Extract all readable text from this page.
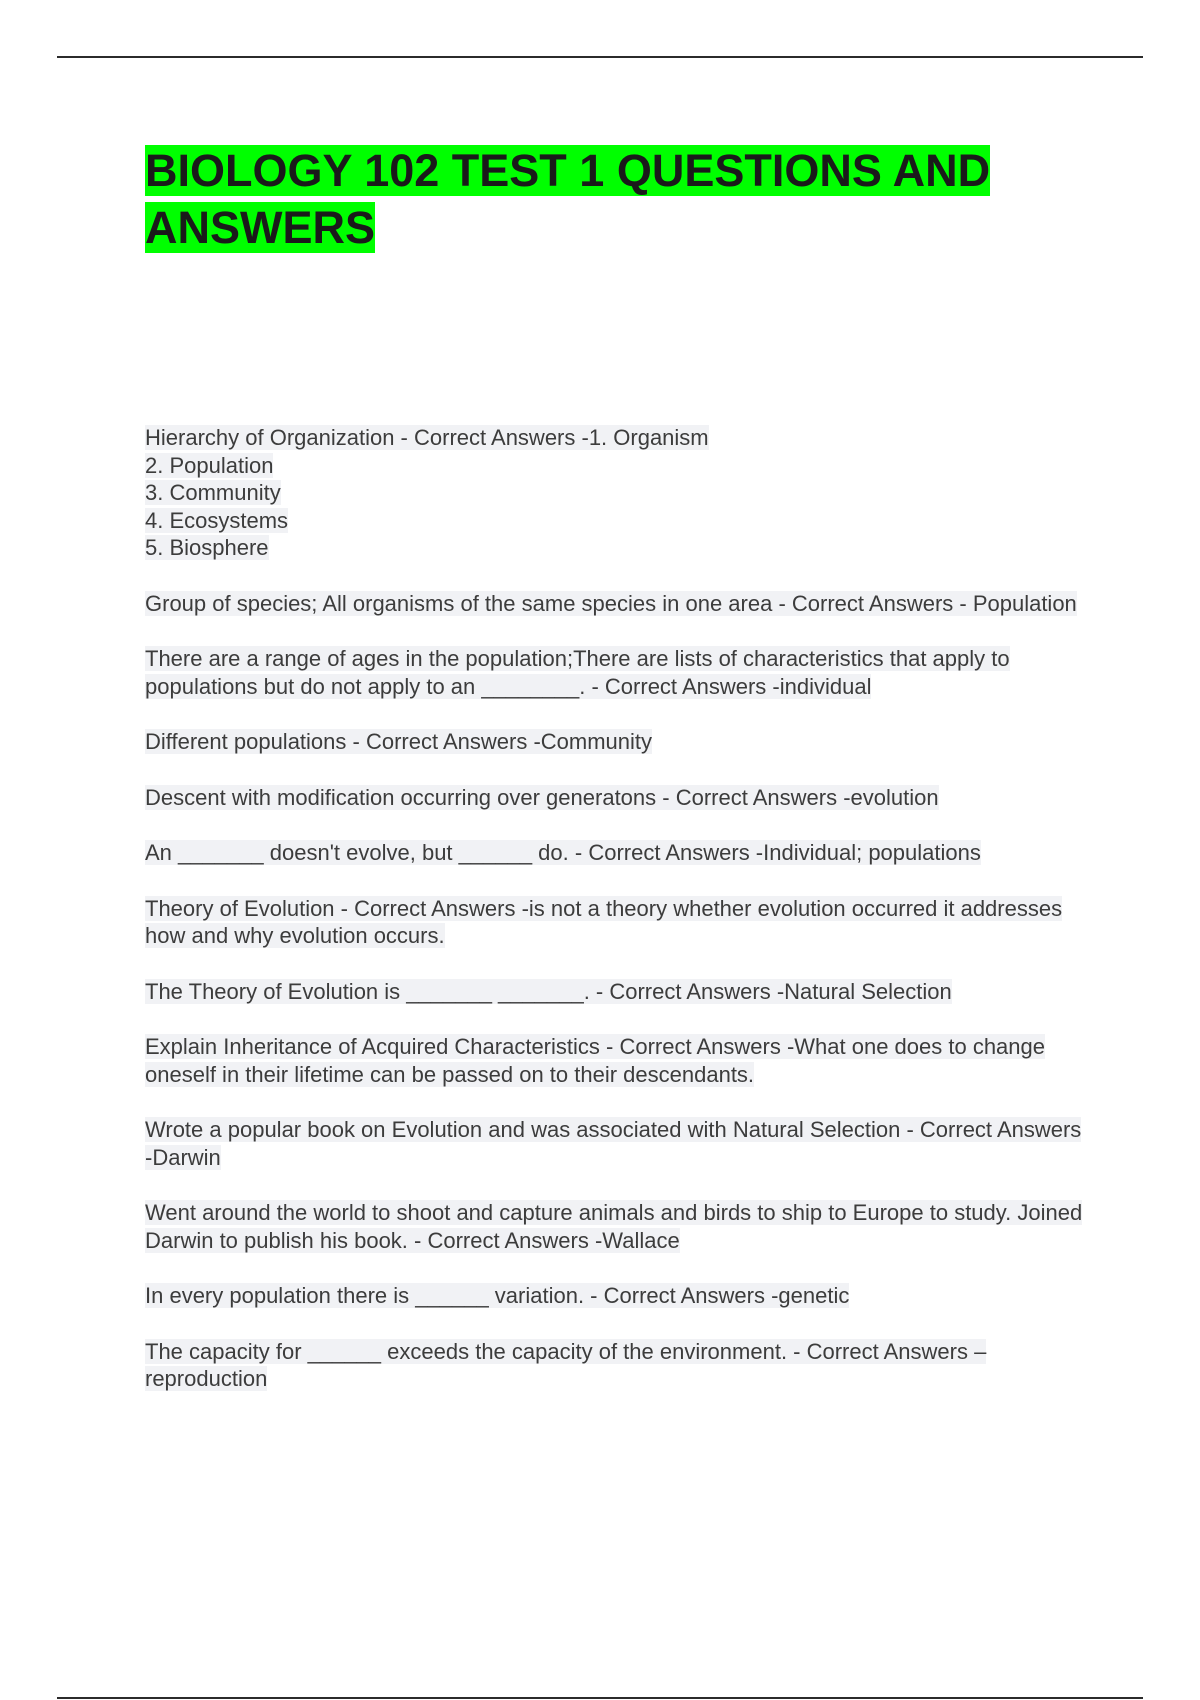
BIOLOGY 102 TEST 1 QUESTIONS AND ANSWERS
Hierarchy of Organization - Correct Answers -1. Organism
2. Population
3. Community
4. Ecosystems
5. Biosphere
Group of species; All organisms of the same species in one area - Correct Answers - Population
There are a range of ages in the population;There are lists of characteristics that apply to populations but do not apply to an ________. - Correct Answers -individual
Different populations - Correct Answers -Community
Descent with modification occurring over generatons - Correct Answers -evolution
An _______ doesn't evolve, but ______ do. - Correct Answers -Individual; populations
Theory of Evolution - Correct Answers -is not a theory whether evolution occurred it addresses how and why evolution occurs.
The Theory of Evolution is _______ _______. - Correct Answers -Natural Selection
Explain Inheritance of Acquired Characteristics - Correct Answers -What one does to change oneself in their lifetime can be passed on to their descendants.
Wrote a popular book on Evolution and was associated with Natural Selection - Correct Answers -Darwin
Went around the world to shoot and capture animals and birds to ship to Europe to study. Joined Darwin to publish his book. - Correct Answers -Wallace
In every population there is ______ variation. - Correct Answers -genetic
The capacity for ______ exceeds the capacity of the environment. - Correct Answers –reproduction
